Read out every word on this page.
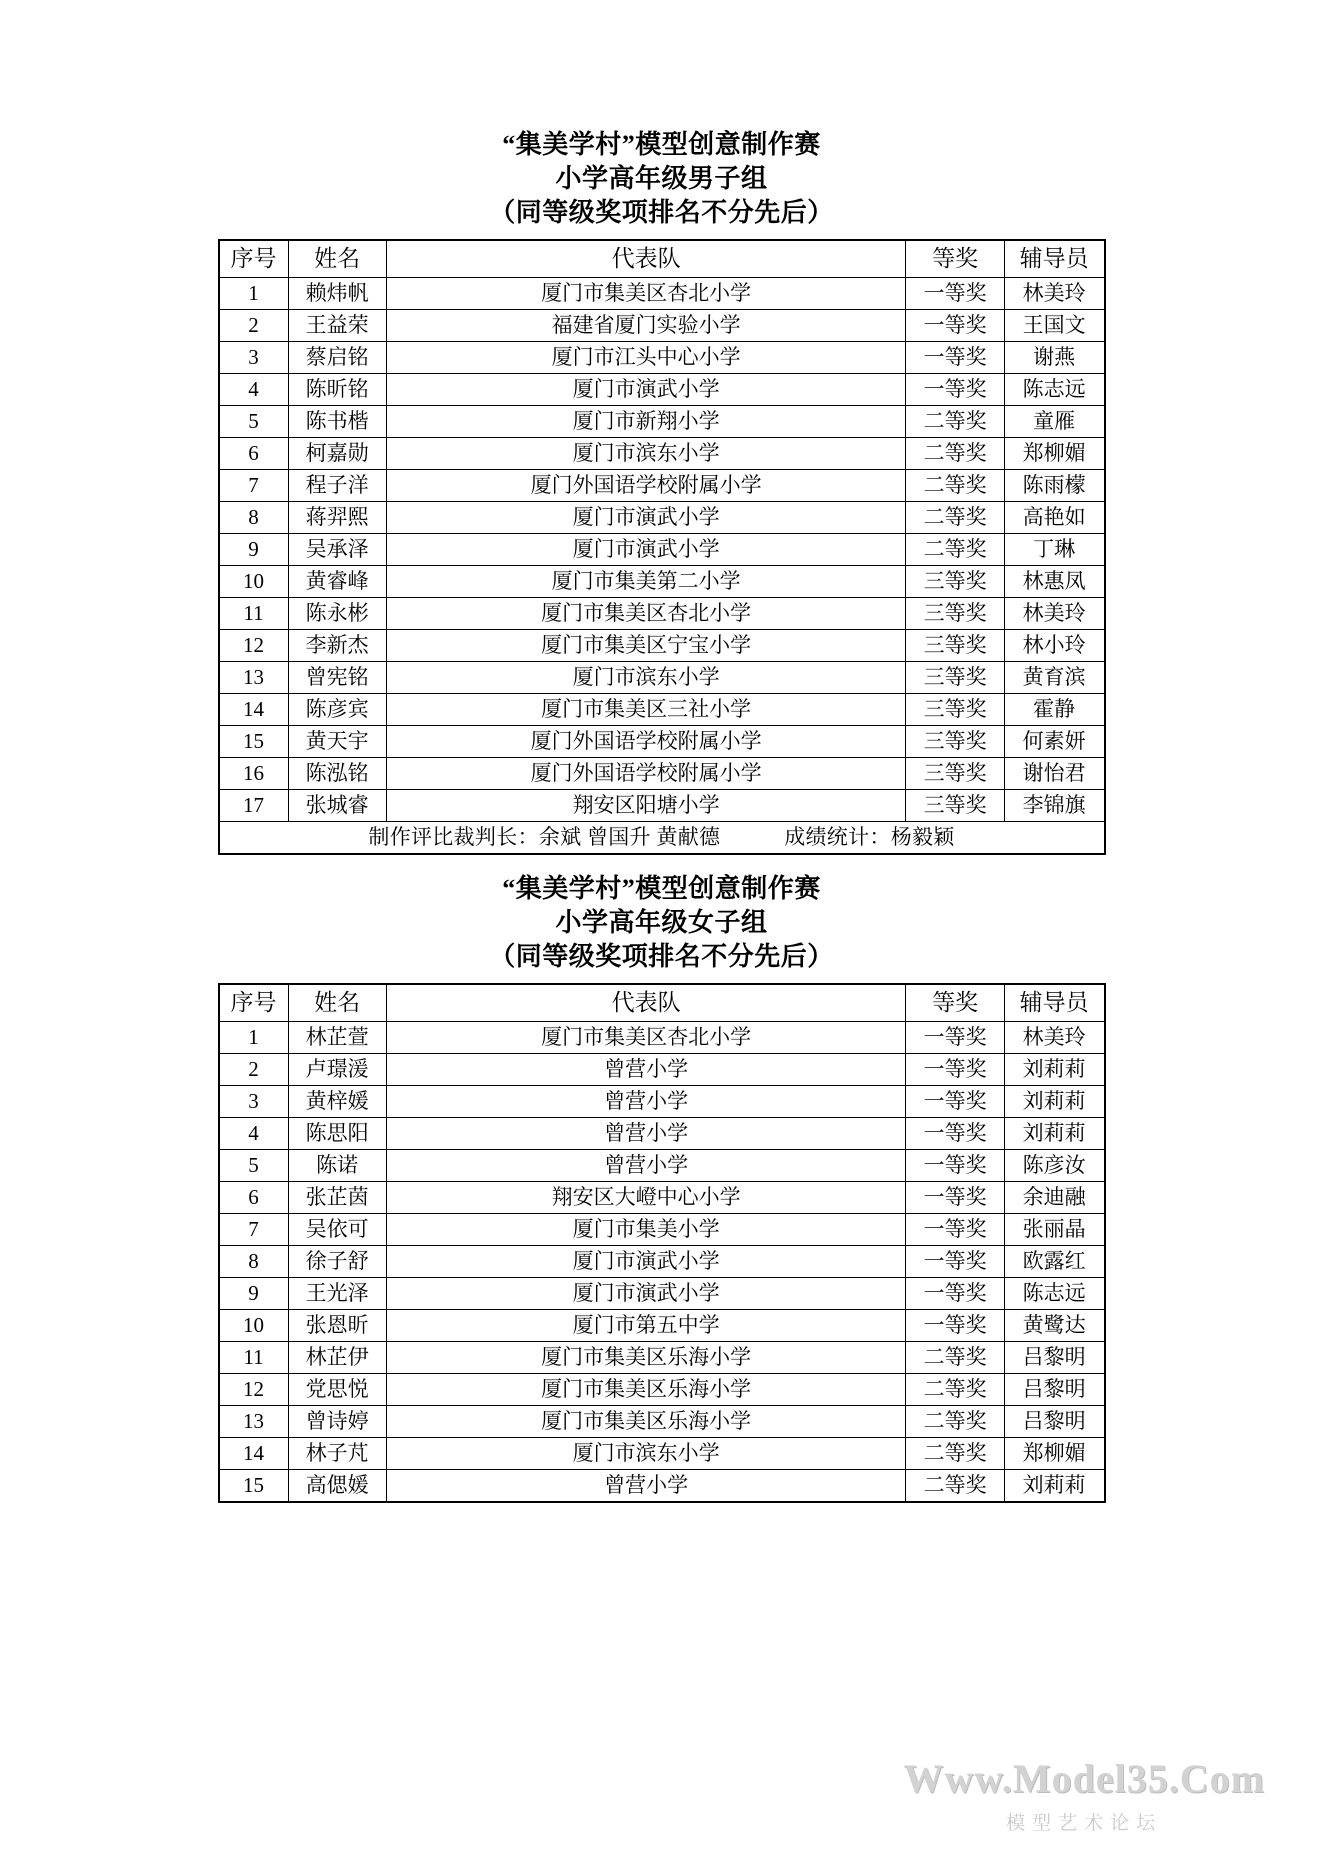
“集美学村”模型创意制作赛
小学高年级男子组
（同等级奖项排名不分先后）
序号	姓名	代表队	等奖	辅导员
1	赖炜帆	厦门市集美区杏北小学	一等奖	林美玲
2	王益荣	福建省厦门实验小学	一等奖	王国文
3	蔡启铭	厦门市江头中心小学	一等奖	谢燕
4	陈昕铭	厦门市演武小学	一等奖	陈志远
5	陈书楷	厦门市新翔小学	二等奖	童雁
6	柯嘉勋	厦门市滨东小学	二等奖	郑柳媚
7	程子洋	厦门外国语学校附属小学	二等奖	陈雨檬
8	蒋羿熙	厦门市演武小学	二等奖	高艳如
9	吴承泽	厦门市演武小学	二等奖	丁琳
10	黄睿峰	厦门市集美第二小学	三等奖	林惠凤
11	陈永彬	厦门市集美区杏北小学	三等奖	林美玲
12	李新杰	厦门市集美区宁宝小学	三等奖	林小玲
13	曾宪铭	厦门市滨东小学	三等奖	黄育滨
14	陈彦宾	厦门市集美区三社小学	三等奖	霍静
15	黄天宇	厦门外国语学校附属小学	三等奖	何素妍
16	陈泓铭	厦门外国语学校附属小学	三等奖	谢怡君
17	张城睿	翔安区阳塘小学	三等奖	李锦旗
制作评比裁判长：余斌 曾国升 黄献德　　　成绩统计：杨毅颖				
“集美学村”模型创意制作赛
小学高年级女子组
（同等级奖项排名不分先后）
序号	姓名	代表队	等奖	辅导员
1	林芷萱	厦门市集美区杏北小学	一等奖	林美玲
2	卢璟湲	曾营小学	一等奖	刘莉莉
3	黄梓媛	曾营小学	一等奖	刘莉莉
4	陈思阳	曾营小学	一等奖	刘莉莉
5	陈诺	曾营小学	一等奖	陈彦汝
6	张芷茵	翔安区大嶝中心小学	一等奖	余迪融
7	吴依可	厦门市集美小学	一等奖	张丽晶
8	徐子舒	厦门市演武小学	一等奖	欧露红
9	王光泽	厦门市演武小学	一等奖	陈志远
10	张恩昕	厦门市第五中学	一等奖	黄鹭达
11	林芷伊	厦门市集美区乐海小学	二等奖	吕黎明
12	党思悦	厦门市集美区乐海小学	二等奖	吕黎明
13	曾诗婷	厦门市集美区乐海小学	二等奖	吕黎明
14	林子芃	厦门市滨东小学	二等奖	郑柳媚
15	高偲媛	曾营小学	二等奖	刘莉莉
Www.Model35.Com
模型艺术论坛
